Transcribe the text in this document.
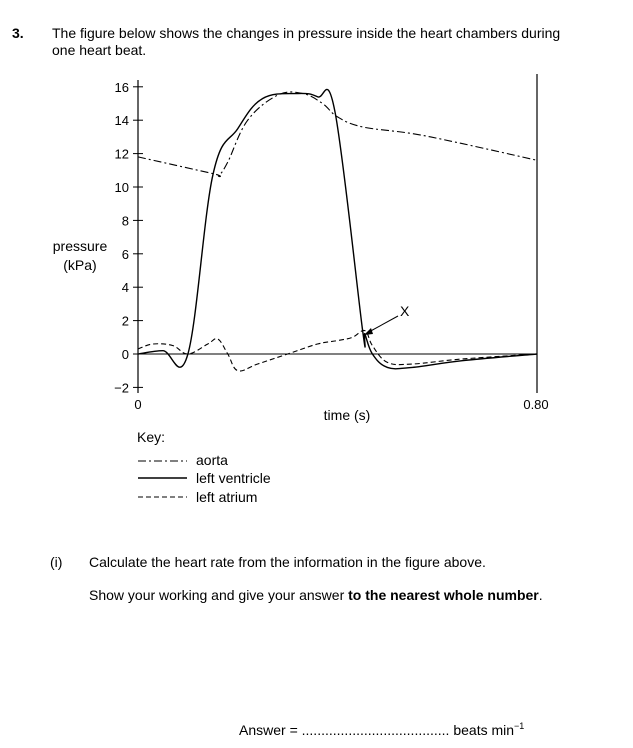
3. The figure below shows the changes in pressure inside the heart chambers during one heart beat.
16
14
12
10
8
6
4
2
0
−2
pressure
(kPa)
0	0.80
time (s)
X
Key:
aorta
left ventricle
left atrium
(i) Calculate the heart rate from the information in the figure above.
Show your working and give your answer to the nearest whole number.
Answer = ...................................... beats $\min^{-1}$
